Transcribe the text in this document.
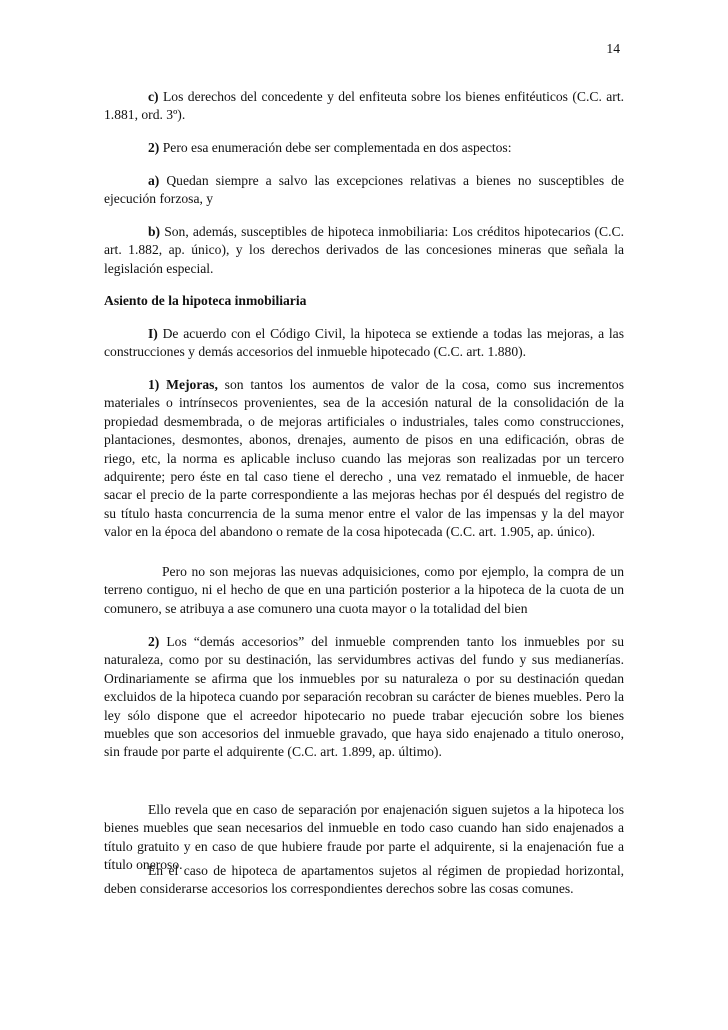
14

c) Los derechos del concedente y del enfiteuta sobre los bienes enfitéuticos (C.C. art. 1.881, ord. 3º).

2) Pero esa enumeración debe ser complementada en dos aspectos:

a) Quedan siempre a salvo las excepciones relativas a bienes no susceptibles de ejecución forzosa, y

b) Son, además, susceptibles de hipoteca inmobiliaria: Los créditos hipotecarios (C.C. art. 1.882, ap. único), y los derechos derivados de las concesiones mineras que señala la legislación especial.

Asiento de la hipoteca inmobiliaria

I) De acuerdo con el Código Civil, la hipoteca se extiende a todas las mejoras, a las construcciones y demás accesorios del inmueble hipotecado (C.C. art. 1.880).

1) Mejoras, son tantos los aumentos de valor de la cosa, como sus incrementos materiales o intrínsecos provenientes, sea de la accesión natural de la consolidación de la propiedad desmembrada, o de mejoras artificiales o industriales, tales como construcciones, plantaciones, desmontes, abonos, drenajes, aumento de pisos en una edificación, obras de riego, etc, la norma es aplicable incluso cuando las mejoras son realizadas por un tercero adquirente; pero éste en tal caso tiene el derecho , una vez rematado el inmueble, de hacer sacar el precio de la parte correspondiente a las mejoras hechas por él después del registro de su título hasta concurrencia de la suma menor entre el valor de las impensas y la del mayor valor en la época del abandono o remate de la cosa hipotecada (C.C. art. 1.905, ap. único).

Pero no son mejoras las nuevas adquisiciones, como por ejemplo, la compra de un terreno contiguo, ni el hecho de que en una partición posterior a la hipoteca de la cuota de un comunero, se atribuya a ase comunero una cuota mayor o la totalidad del bien

2) Los “demás accesorios” del inmueble comprenden tanto los inmuebles por su naturaleza, como por su destinación, las servidumbres activas del fundo y sus medianerías. Ordinariamente se afirma que los inmuebles por su naturaleza o por su destinación quedan excluidos de la hipoteca cuando por separación recobran su carácter de bienes muebles. Pero la ley sólo dispone que el acreedor hipotecario no puede trabar ejecución sobre los bienes muebles que son accesorios del inmueble gravado, que haya sido enajenado a titulo oneroso, sin fraude por parte el adquirente (C.C. art. 1.899, ap. último).

Ello revela que en caso de separación por enajenación siguen sujetos a la hipoteca los bienes muebles que sean necesarios del inmueble en todo caso cuando han sido enajenados a título gratuito y en caso de que hubiere fraude por parte el adquirente, si la enajenación fue a título oneroso.

En el caso de hipoteca de apartamentos sujetos al régimen de propiedad horizontal, deben considerarse accesorios los correspondientes derechos sobre las cosas comunes.
